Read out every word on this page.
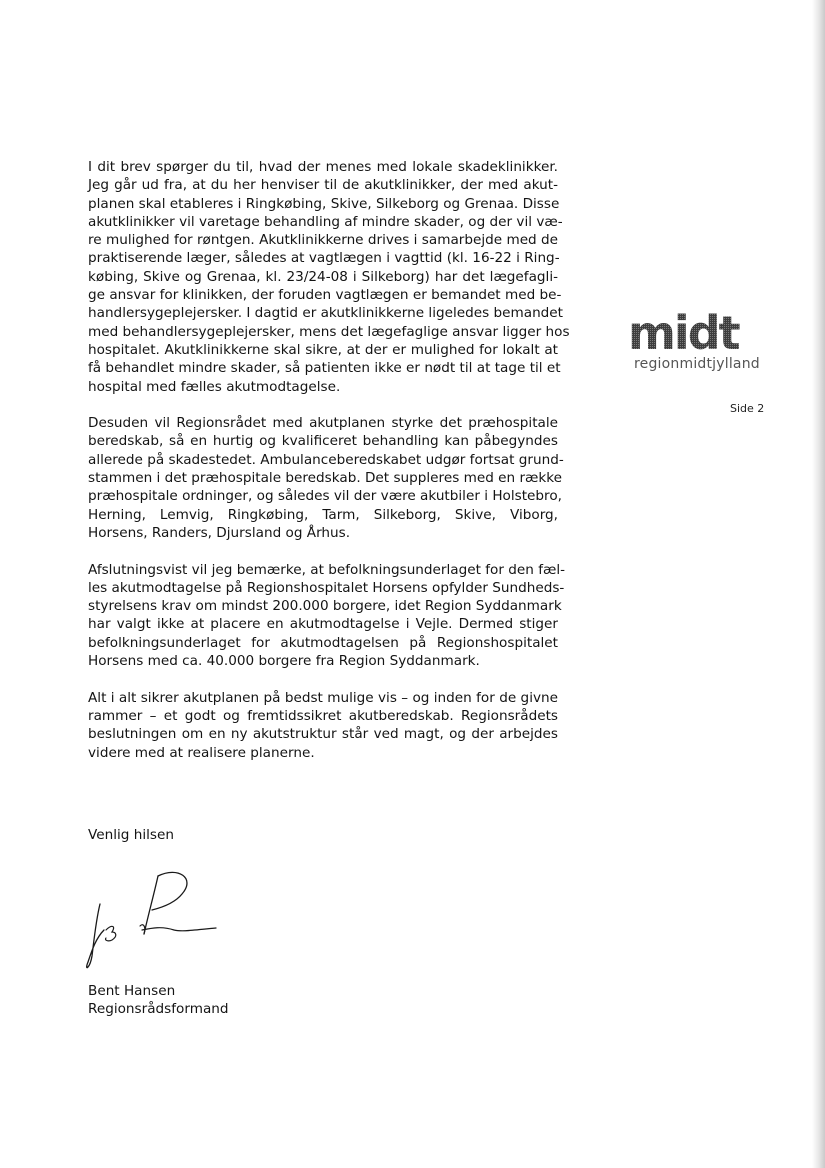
midt
regionmidtjylland
Side 2

I dit brev spørger du til, hvad der menes med lokale skadeklinikker.
Jeg går ud fra, at du her henviser til de akutklinikker, der med akut-
planen skal etableres i Ringkøbing, Skive, Silkeborg og Grenaa. Disse
akutklinikker vil varetage behandling af mindre skader, og der vil væ-
re mulighed for røntgen. Akutklinikkerne drives i samarbejde med de
praktiserende læger, således at vagtlægen i vagttid (kl. 16-22 i Ring-
købing, Skive og Grenaa, kl. 23/24-08 i Silkeborg) har det lægefagli-
ge ansvar for klinikken, der foruden vagtlægen er bemandet med be-
handlersygeplejersker. I dagtid er akutklinikkerne ligeledes bemandet
med behandlersygeplejersker, mens det lægefaglige ansvar ligger hos
hospitalet. Akutklinikkerne skal sikre, at der er mulighed for lokalt at
få behandlet mindre skader, så patienten ikke er nødt til at tage til et
hospital med fælles akutmodtagelse.

Desuden vil Regionsrådet med akutplanen styrke det præhospitale
beredskab, så en hurtig og kvalificeret behandling kan påbegyndes
allerede på skadestedet. Ambulanceberedskabet udgør fortsat grund-
stammen i det præhospitale beredskab. Det suppleres med en række
præhospitale ordninger, og således vil der være akutbiler i Holstebro,
Herning, Lemvig, Ringkøbing, Tarm, Silkeborg, Skive, Viborg,
Horsens, Randers, Djursland og Århus.

Afslutningsvist vil jeg bemærke, at befolkningsunderlaget for den fæl-
les akutmodtagelse på Regionshospitalet Horsens opfylder Sundheds-
styrelsens krav om mindst 200.000 borgere, idet Region Syddanmark
har valgt ikke at placere en akutmodtagelse i Vejle. Dermed stiger
befolkningsunderlaget for akutmodtagelsen på Regionshospitalet
Horsens med ca. 40.000 borgere fra Region Syddanmark.

Alt i alt sikrer akutplanen på bedst mulige vis – og inden for de givne
rammer – et godt og fremtidssikret akutberedskab. Regionsrådets
beslutningen om en ny akutstruktur står ved magt, og der arbejdes
videre med at realisere planerne.

Venlig hilsen
Bent Hansen
Regionsrådsformand
